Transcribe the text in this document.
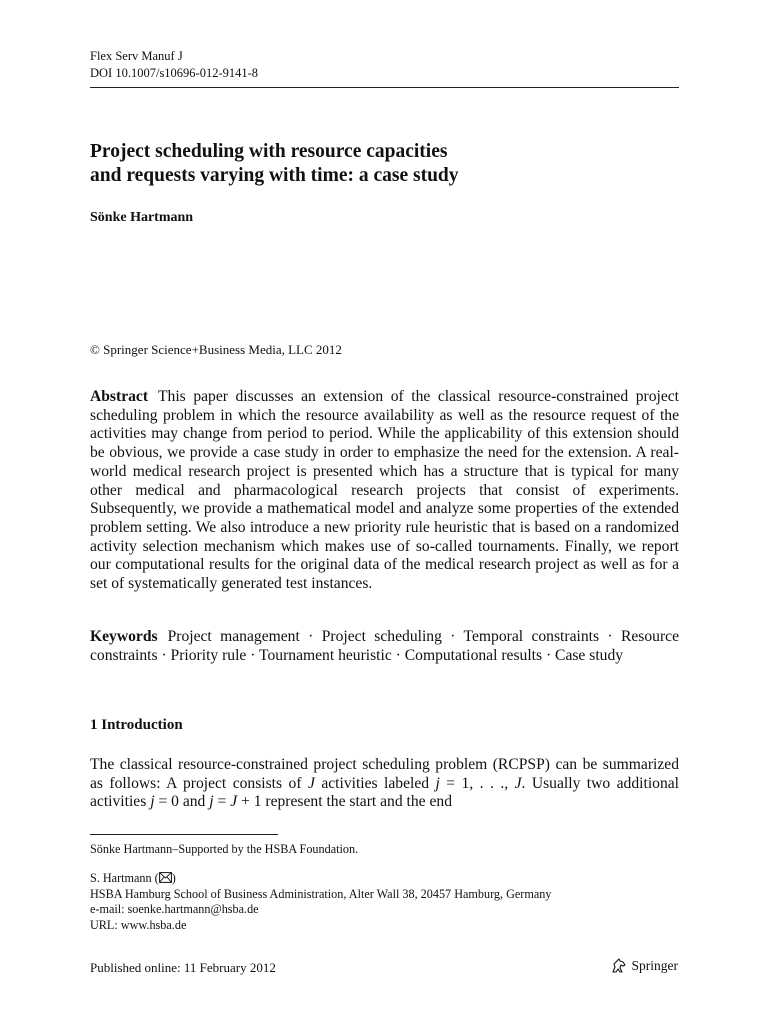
Flex Serv Manuf J
DOI 10.1007/s10696-012-9141-8
Project scheduling with resource capacities
and requests varying with time: a case study
Sönke Hartmann
© Springer Science+Business Media, LLC 2012
Abstract This paper discusses an extension of the classical resource-constrained project scheduling problem in which the resource availability as well as the resource request of the activities may change from period to period. While the applicability of this extension should be obvious, we provide a case study in order to emphasize the need for the extension. A real-world medical research project is presented which has a structure that is typical for many other medical and pharmacological research projects that consist of experiments. Subsequently, we provide a mathematical model and analyze some properties of the extended problem setting. We also introduce a new priority rule heuristic that is based on a randomized activity selection mechanism which makes use of so-called tournaments. Finally, we report our computational results for the original data of the medical research project as well as for a set of systematically generated test instances.
Keywords Project management · Project scheduling · Temporal constraints · Resource constraints · Priority rule · Tournament heuristic · Computational results · Case study
1 Introduction
The classical resource-constrained project scheduling problem (RCPSP) can be summarized as follows: A project consists of J activities labeled j = 1, . . ., J. Usually two additional activities j = 0 and j = J + 1 represent the start and the end
Sönke Hartmann–Supported by the HSBA Foundation.
S. Hartmann ( )
HSBA Hamburg School of Business Administration, Alter Wall 38, 20457 Hamburg, Germany
e-mail: soenke.hartmann@hsba.de
URL: www.hsba.de
Published online: 11 February 2012	Springer
